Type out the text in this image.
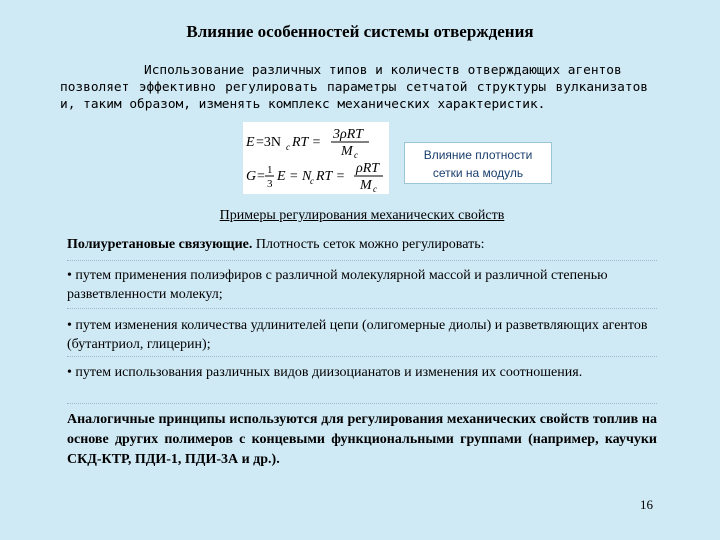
Влияние особенностей системы отверждения
Использование различных типов и количеств отверждающих агентов
позволяет эффективно регулировать параметры сетчатой структуры вулканизатов и, таким образом, изменять комплекс механических характеристик.
E =3N c RT =
3ρRT
M c
G = 1
3 E = N
c RT =
ρRT
M c
Влияние плотности
сетки на модуль
Примеры регулирования механических свойств
Полиуретановые связующие. Плотность сеток можно регулировать:
• путем применения полиэфиров с различной молекулярной массой и различной степенью разветвленности молекул;
• путем изменения количества удлинителей цепи (олигомерные диолы) и разветвляющих агентов (бутантриол, глицерин);
• путем использования различных видов диизоцианатов и изменения их соотношения.
Аналогичные принципы используются для регулирования механических свойств топлив на основе других полимеров с концевыми функциональными группами (например, каучуки СКД-КТР, ПДИ-1, ПДИ-3А и др.).
16
